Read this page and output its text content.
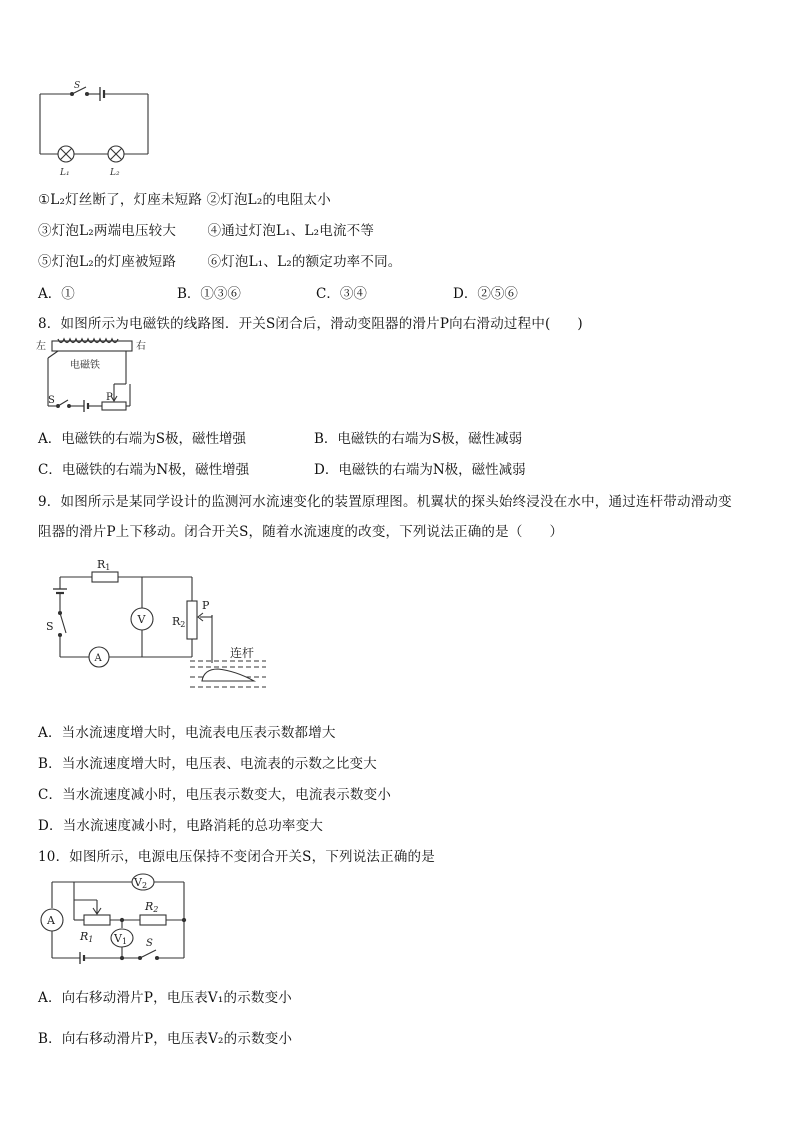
S
L₁	L₂
①L₂灯丝断了，灯座未短路 ②灯泡L₂的电阻太小
③灯泡L₂两端电压较大       ④通过灯泡L₁、L₂电流不等
⑤灯泡L₂的灯座被短路       ⑥灯泡L₁、L₂的额定功率不同。
A．①	B．①③⑥	C．③④	D．②⑤⑥
8．如图所示为电磁铁的线路图．开关S闭合后，滑动变阻器的滑片P向右滑动过程中(      )
左	右
电磁铁
S	P
A．电磁铁的右端为S极，磁性增强	B．电磁铁的右端为S极，磁性减弱
C．电磁铁的右端为N极，磁性增强	D．电磁铁的右端为N极，磁性减弱
9．如图所示是某同学设计的监测河水流速变化的装置原理图。机翼状的探头始终浸没在水中，通过连杆带动滑动变
阻器的滑片P上下移动。闭合开关S，随着水流速度的改变，下列说法正确的是（      ）
R1
R2
P
V
A
S
连杆
A．当水流速度增大时，电流表电压表示数都增大
B．当水流速度增大时，电压表、电流表的示数之比变大
C．当水流速度减小时，电压表示数变大，电流表示数变小
D．当水流速度减小时，电路消耗的总功率变大
10．如图所示，电源电压保持不变闭合开关S，下列说法正确的是
V2
A
R1
R2
V1 S
A．向右移动滑片P，电压表V₁的示数变小
B．向右移动滑片P，电压表V₂的示数变小
